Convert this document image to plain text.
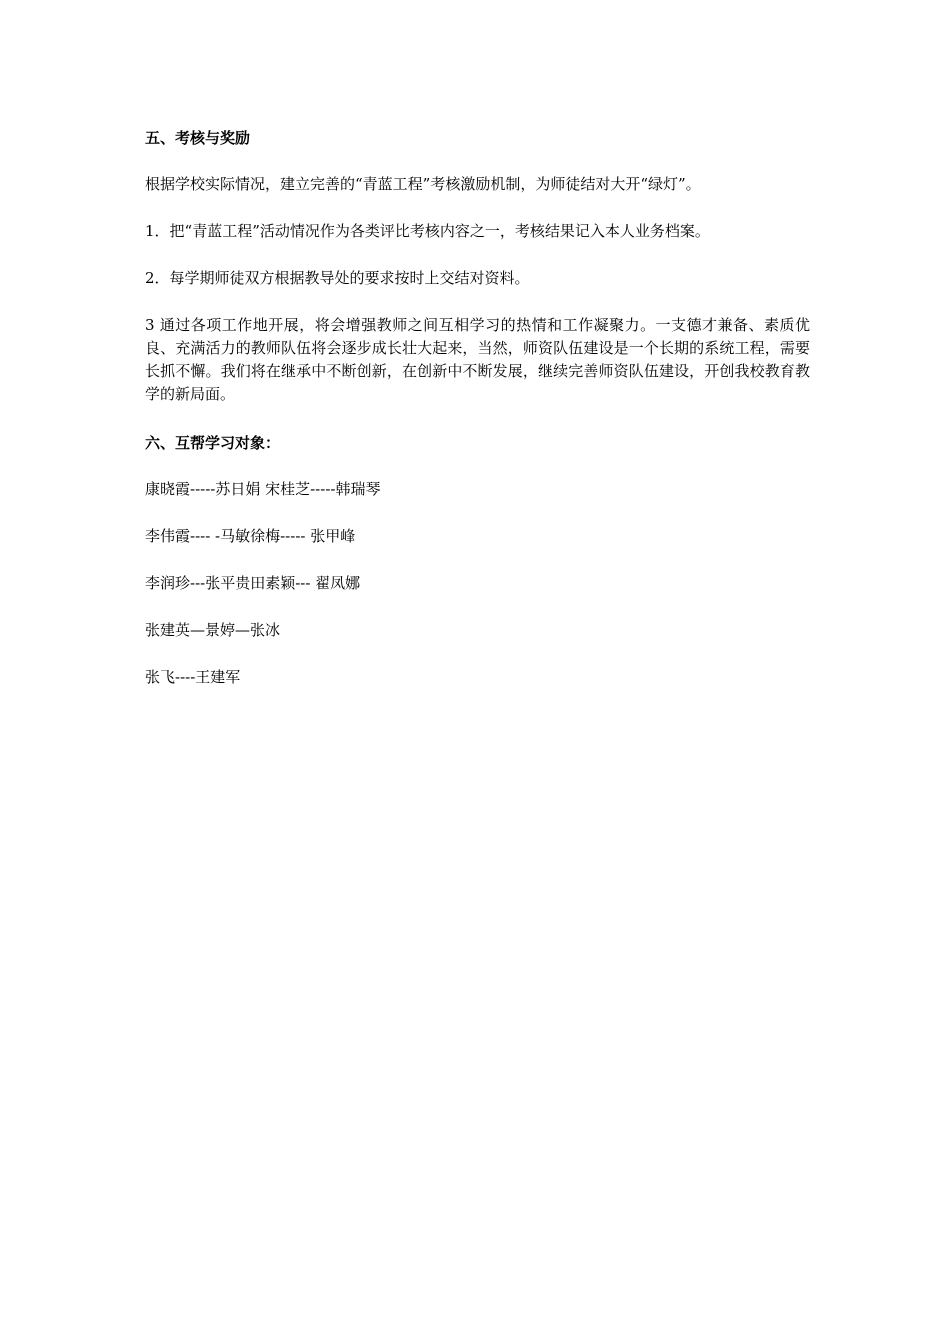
五、考核与奖励
根据学校实际情况，建立完善的“青蓝工程”考核激励机制，为师徒结对大开“绿灯”。
1．把“青蓝工程”活动情况作为各类评比考核内容之一，考核结果记入本人业务档案。
2．每学期师徒双方根据教导处的要求按时上交结对资料。
3 通过各项工作地开展，将会增强教师之间互相学习的热情和工作凝聚力。一支德才兼备、素质优良、充满活力的教师队伍将会逐步成长壮大起来，当然，师资队伍建设是一个长期的系统工程，需要长抓不懈。我们将在继承中不断创新，在创新中不断发展，继续完善师资队伍建设，开创我校教育教学的新局面。
六、互帮学习对象：
康晓霞-----苏日娟 宋桂芝-----韩瑞琴
李伟霞---- -马敏徐梅----- 张甲峰
李润珍---张平贵田素颖--- 翟凤娜
张建英—景婷—张冰
张飞----王建军
